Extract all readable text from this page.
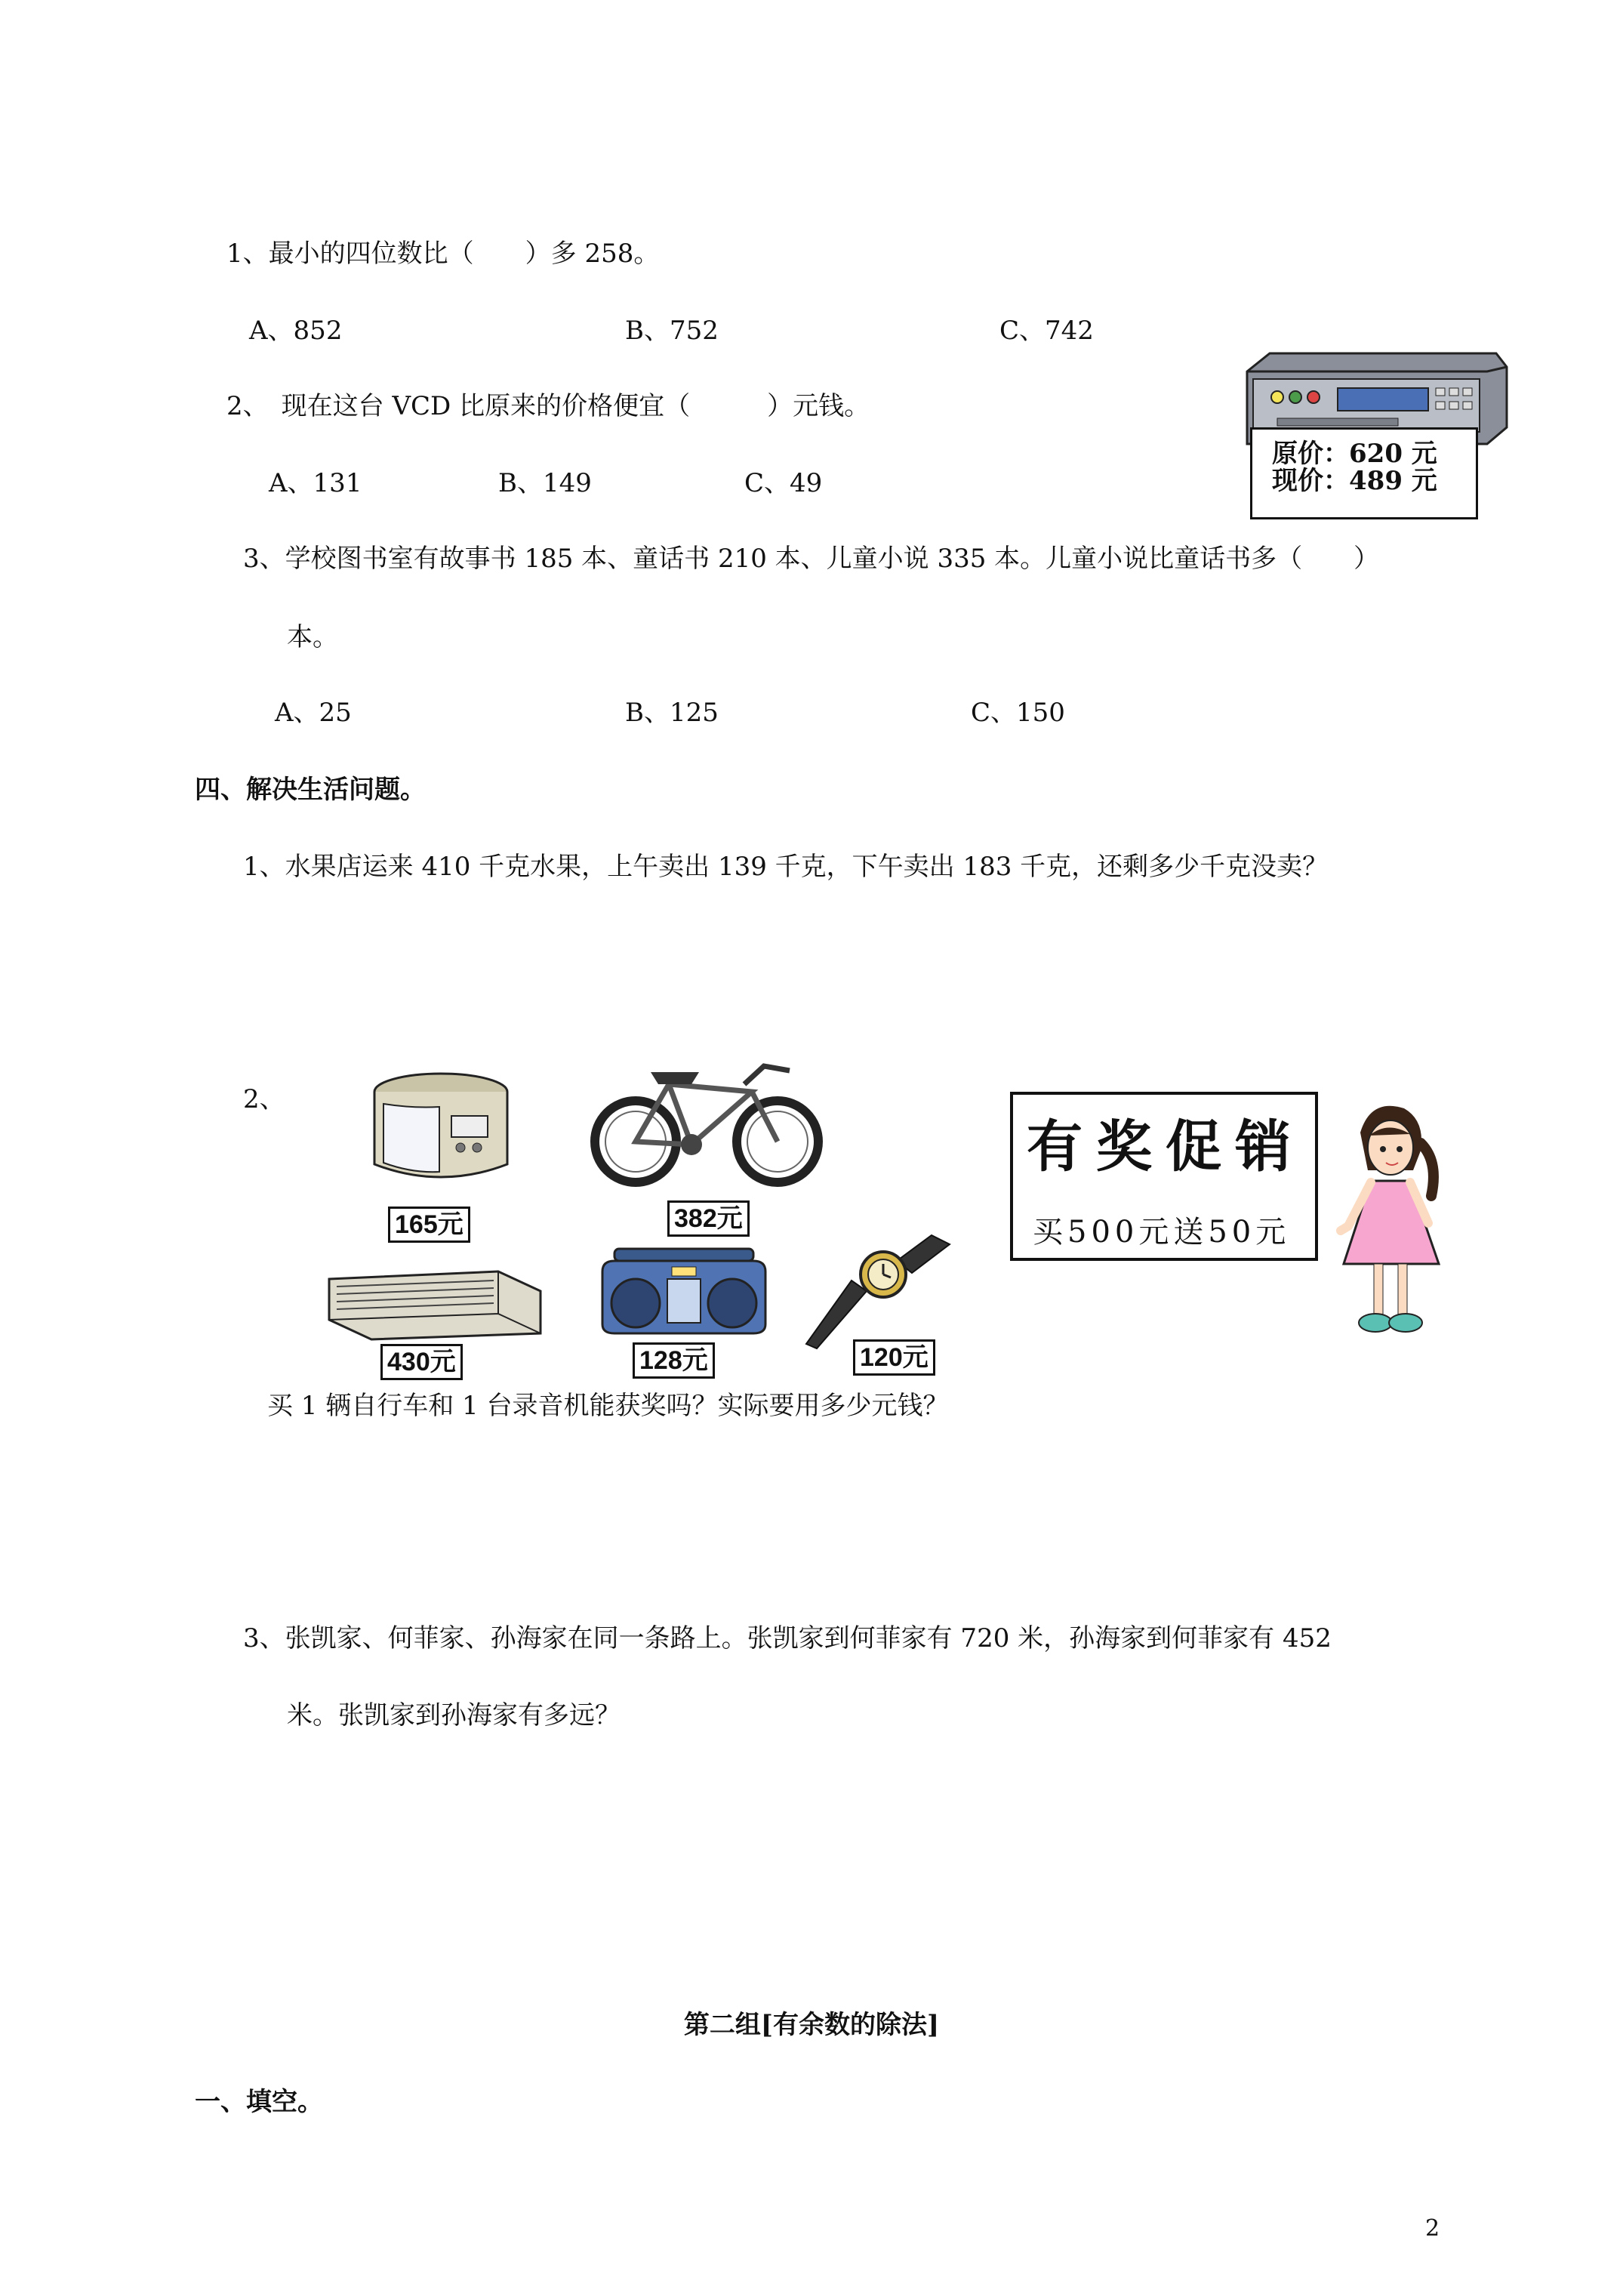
1、最小的四位数比（　　）多 258。
A、852	B、752	C、742
2、　现在这台 VCD 比原来的价格便宜（　　　）元钱。
A、131	B、149	C、49
原价：620 元
现价：489 元
3、学校图书室有故事书 185 本、童话书 210 本、儿童小说 335 本。儿童小说比童话书多（　　）
本。
A、25	B、125	C、150
四、解决生活问题。
1、水果店运来 410 千克水果，上午卖出 139 千克，下午卖出 183 千克，还剩多少千克没卖？
2、
165元	382元
430元	128元	120元
有奖促销
买500元送50元
买 1 辆自行车和 1 台录音机能获奖吗？实际要用多少元钱？
3、张凯家、何菲家、孙海家在同一条路上。张凯家到何菲家有 720 米，孙海家到何菲家有 452
米。张凯家到孙海家有多远？
第二组[有余数的除法]
一、填空。
2
